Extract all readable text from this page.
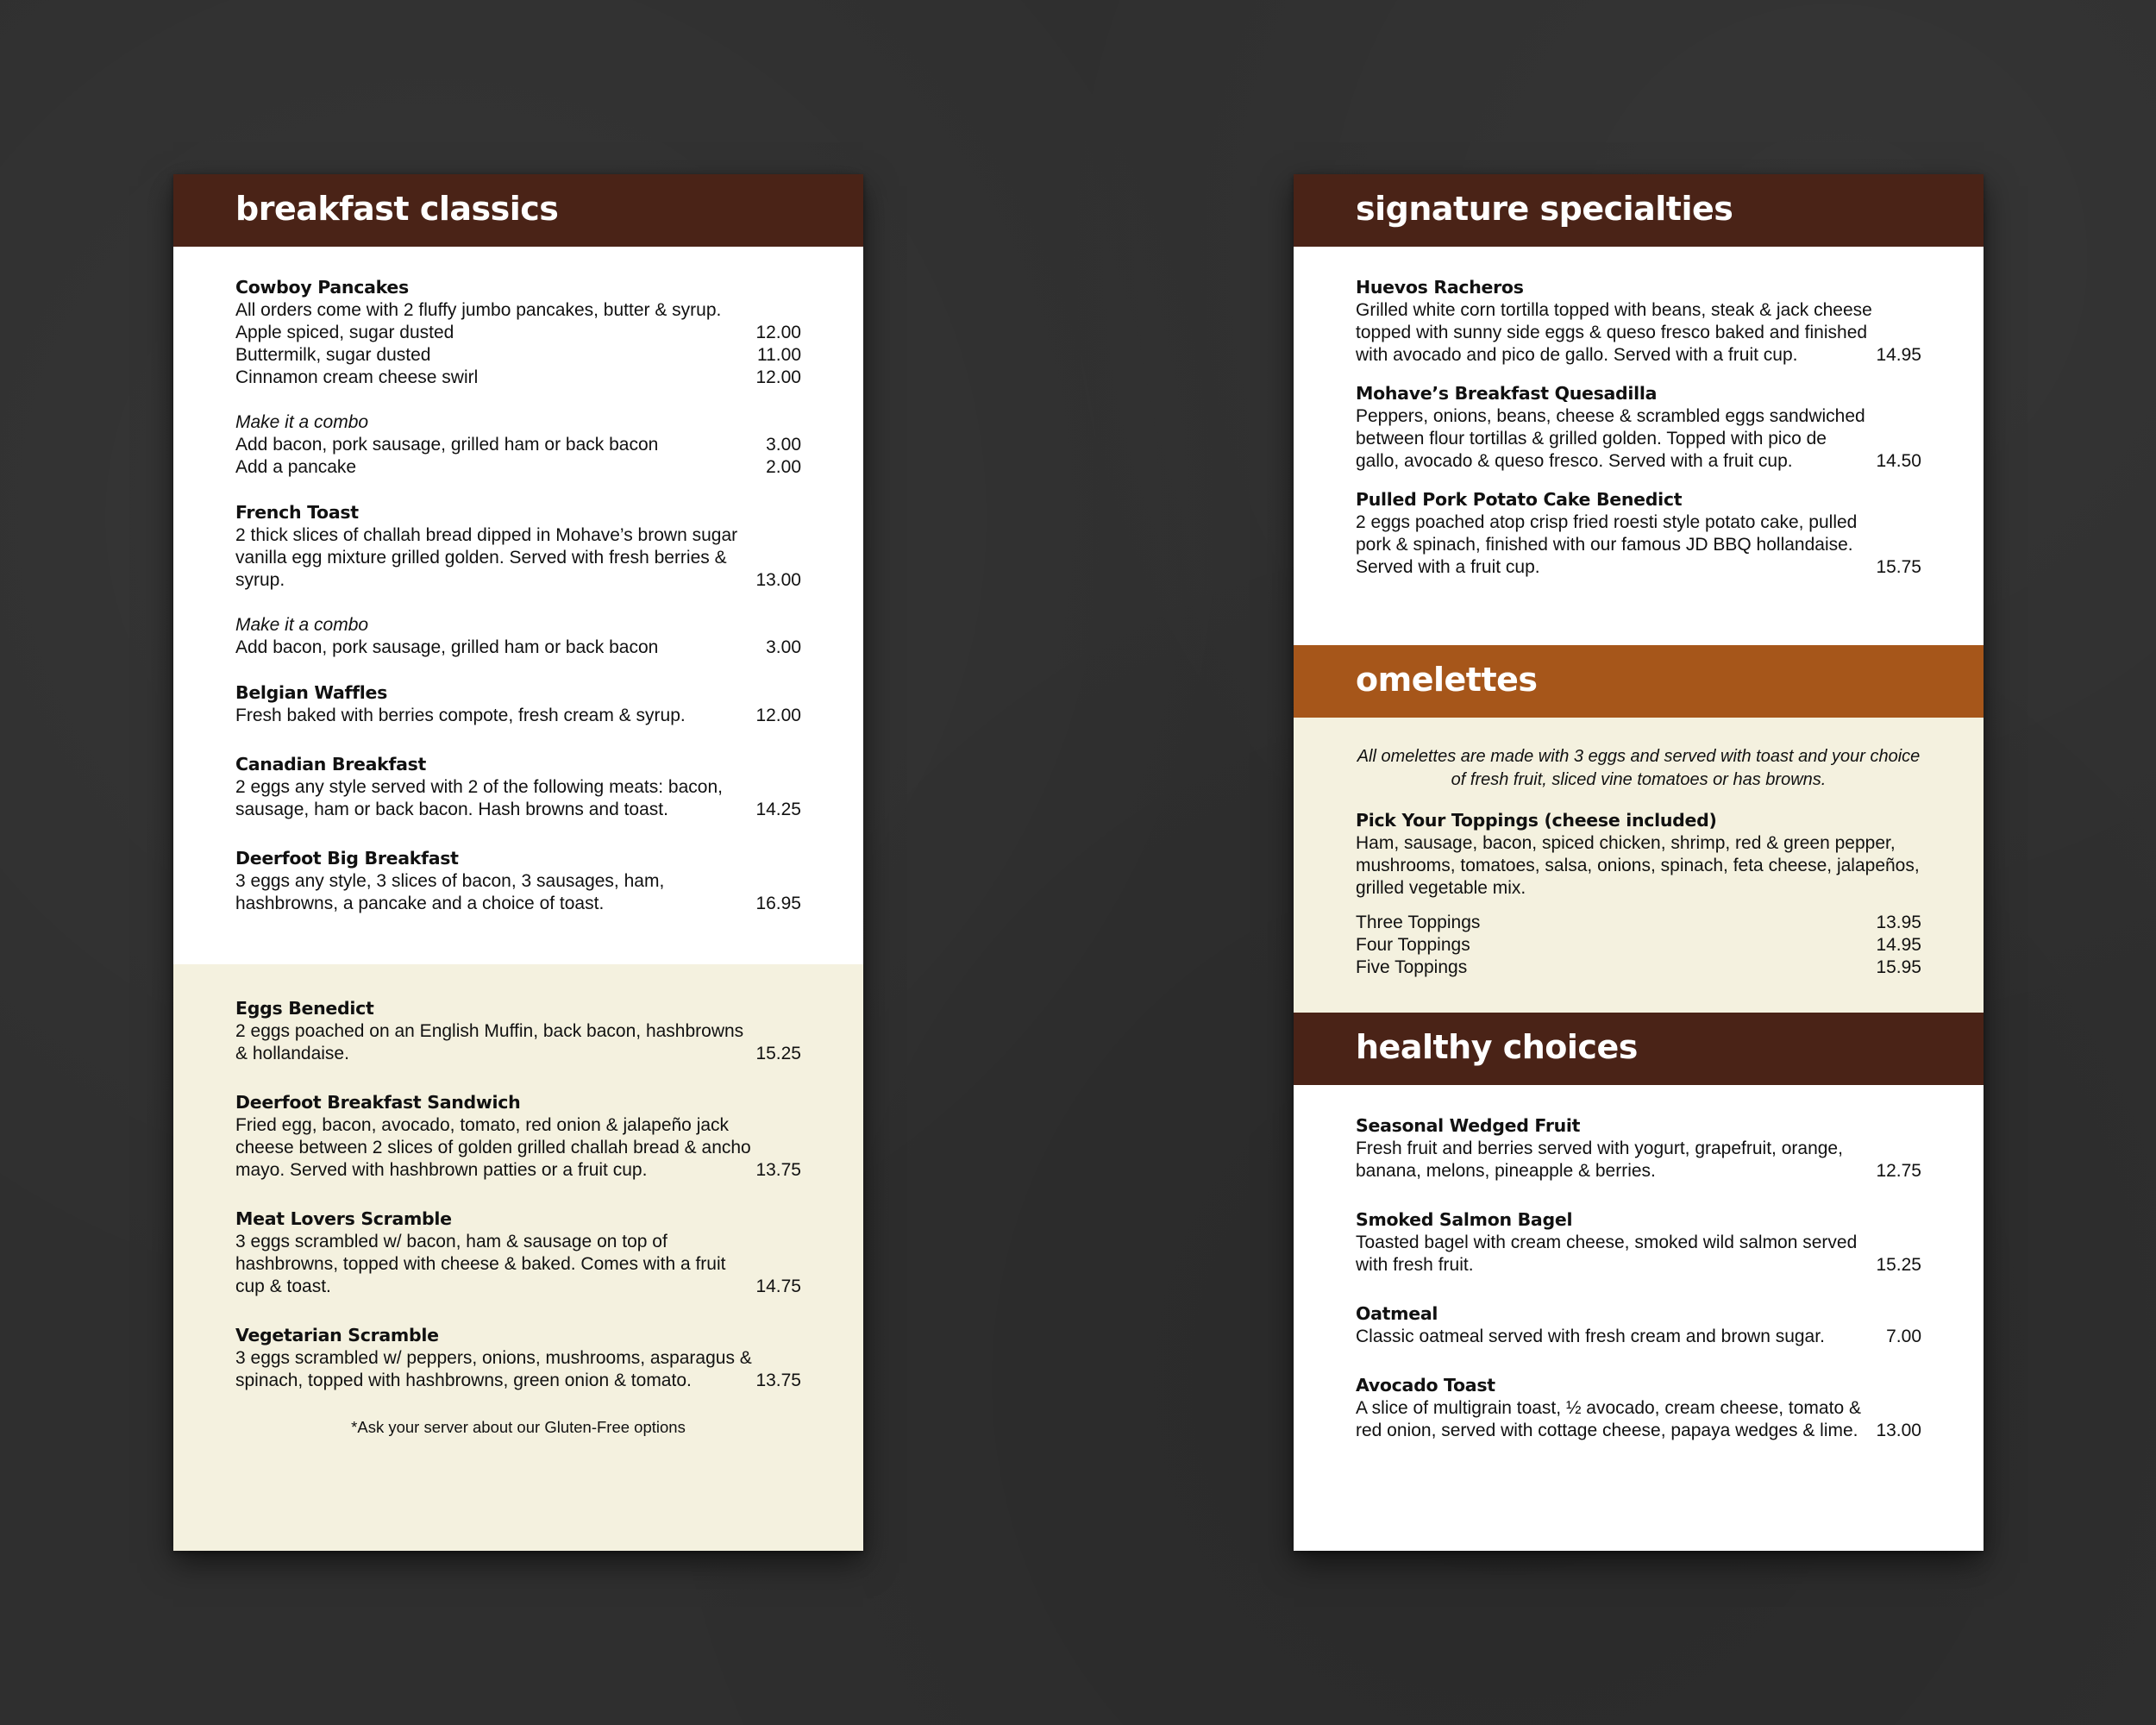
breakfast classics
Cowboy Pancakes
All orders come with 2 fluffy jumbo pancakes, butter & syrup.
Apple spiced, sugar dusted	12.00
Buttermilk, sugar dusted	11.00
Cinnamon cream cheese swirl	12.00
Make it a combo
Add bacon, pork sausage, grilled ham or back bacon	3.00
Add a pancake	2.00
French Toast
2 thick slices of challah bread dipped in Mohave’s brown sugar vanilla egg mixture grilled golden. Served with fresh berries & syrup.	13.00
Make it a combo
Add bacon, pork sausage, grilled ham or back bacon	3.00
Belgian Waffles
Fresh baked with berries compote, fresh cream & syrup.	12.00
Canadian Breakfast
2 eggs any style served with 2 of the following meats: bacon, sausage, ham or back bacon. Hash browns and toast.	14.25
Deerfoot Big Breakfast
3 eggs any style, 3 slices of bacon, 3 sausages, ham, hashbrowns, a pancake and a choice of toast.	16.95
Eggs Benedict
2 eggs poached on an English Muffin, back bacon, hashbrowns & hollandaise.	15.25
Deerfoot Breakfast Sandwich
Fried egg, bacon, avocado, tomato, red onion & jalapeño jack cheese between 2 slices of golden grilled challah bread & ancho mayo. Served with hashbrown patties or a fruit cup.	13.75
Meat Lovers Scramble
3 eggs scrambled w/ bacon, ham & sausage on top of hashbrowns, topped with cheese & baked. Comes with a fruit cup & toast.	14.75
Vegetarian Scramble
3 eggs scrambled w/ peppers, onions, mushrooms, asparagus & spinach, topped with hashbrowns, green onion & tomato.	13.75
*Ask your server about our Gluten-Free options
signature specialties
Huevos Racheros
Grilled white corn tortilla topped with beans, steak & jack cheese topped with sunny side eggs & queso fresco baked and finished with avocado and pico de gallo. Served with a fruit cup.	14.95
Mohave’s Breakfast Quesadilla
Peppers, onions, beans, cheese & scrambled eggs sandwiched between flour tortillas & grilled golden. Topped with pico de gallo, avocado & queso fresco. Served with a fruit cup.	14.50
Pulled Pork Potato Cake Benedict
2 eggs poached atop crisp fried roesti style potato cake, pulled pork & spinach, finished with our famous JD BBQ hollandaise. Served with a fruit cup.	15.75
omelettes
All omelettes are made with 3 eggs and served with toast and your choice of fresh fruit, sliced vine tomatoes or has browns.
Pick Your Toppings (cheese included)
Ham, sausage, bacon, spiced chicken, shrimp, red & green pepper, mushrooms, tomatoes, salsa, onions, spinach, feta cheese, jalapeños, grilled vegetable mix.
Three Toppings	13.95
Four Toppings	14.95
Five Toppings	15.95
healthy choices
Seasonal Wedged Fruit
Fresh fruit and berries served with yogurt, grapefruit, orange, banana, melons, pineapple & berries.	12.75
Smoked Salmon Bagel
Toasted bagel with cream cheese, smoked wild salmon served with fresh fruit.	15.25
Oatmeal
Classic oatmeal served with fresh cream and brown sugar.	7.00
Avocado Toast
A slice of multigrain toast, ½ avocado, cream cheese, tomato & red onion, served with cottage cheese, papaya wedges & lime. 13.00
